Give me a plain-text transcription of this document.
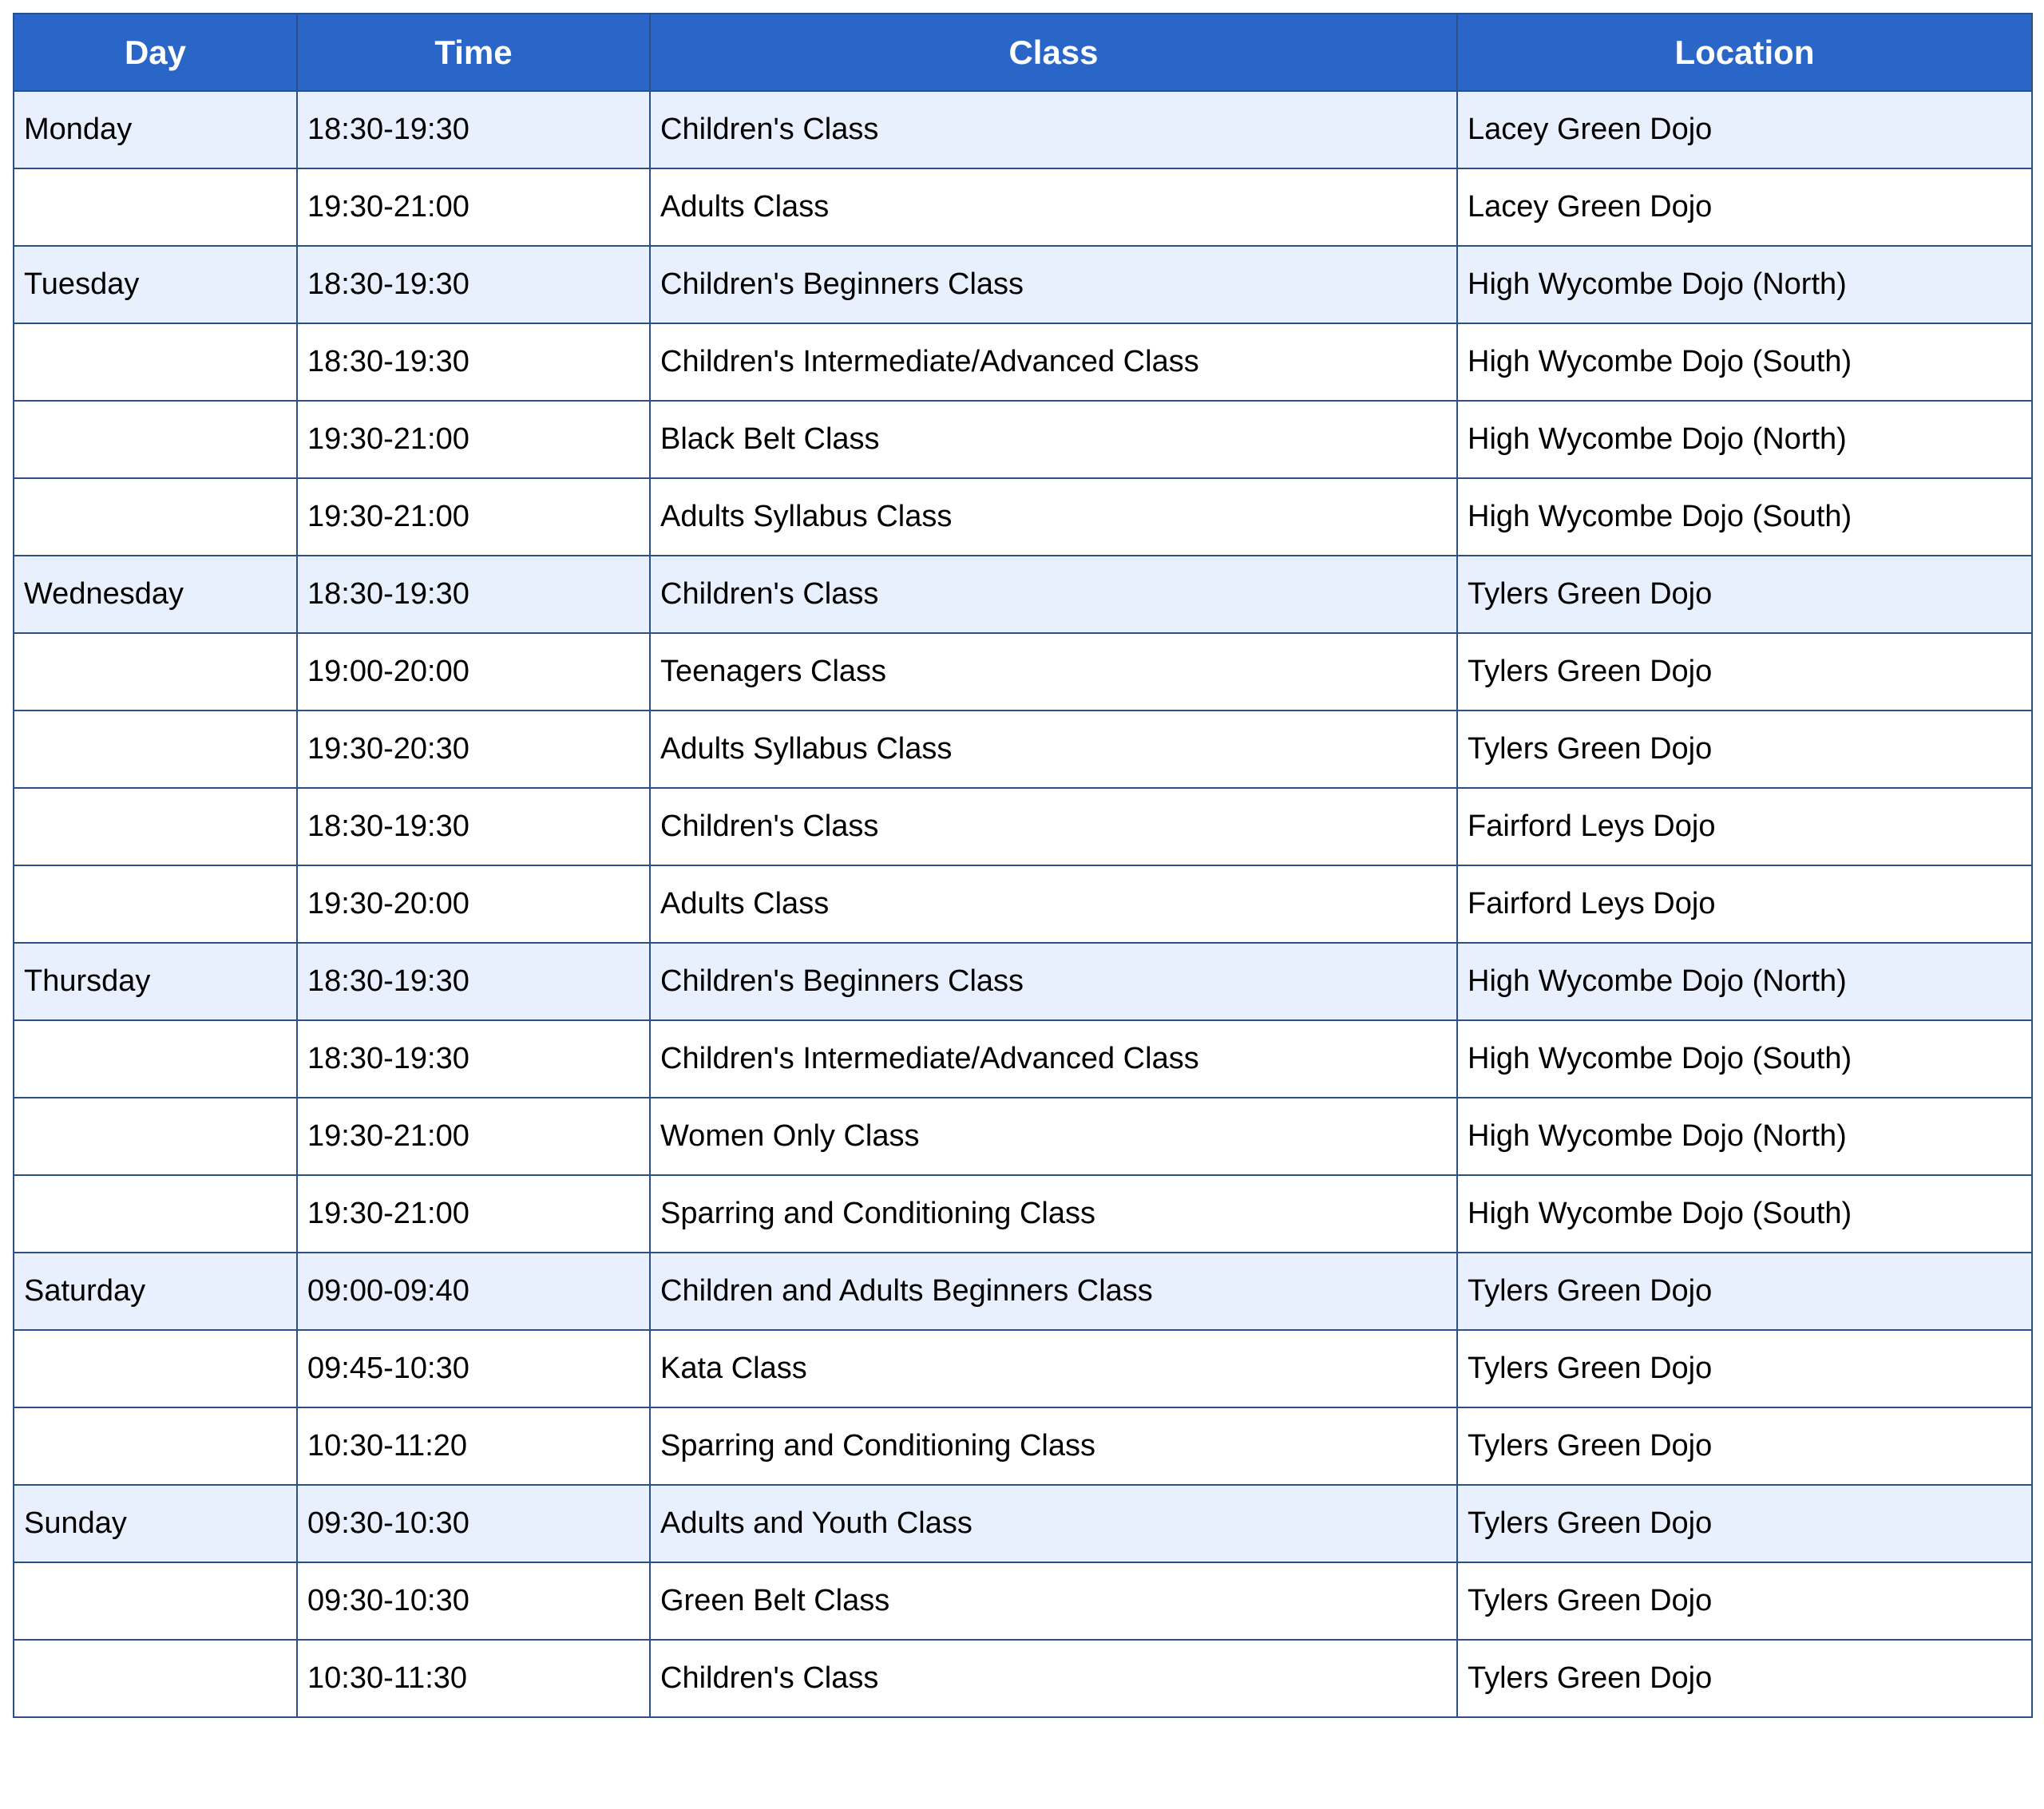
Day	Time	Class	Location
Monday	18:30-19:30	Children's Class	Lacey Green Dojo
	19:30-21:00	Adults Class	Lacey Green Dojo
Tuesday	18:30-19:30	Children's Beginners Class	High Wycombe Dojo (North)
	18:30-19:30	Children's Intermediate/Advanced Class	High Wycombe Dojo (South)
	19:30-21:00	Black Belt Class	High Wycombe Dojo (North)
	19:30-21:00	Adults Syllabus Class	High Wycombe Dojo (South)
Wednesday	18:30-19:30	Children's Class	Tylers Green Dojo
	19:00-20:00	Teenagers Class	Tylers Green Dojo
	19:30-20:30	Adults Syllabus Class	Tylers Green Dojo
	18:30-19:30	Children's Class	Fairford Leys Dojo
	19:30-20:00	Adults Class	Fairford Leys Dojo
Thursday	18:30-19:30	Children's Beginners Class	High Wycombe Dojo (North)
	18:30-19:30	Children's Intermediate/Advanced Class	High Wycombe Dojo (South)
	19:30-21:00	Women Only Class	High Wycombe Dojo (North)
	19:30-21:00	Sparring and Conditioning Class	High Wycombe Dojo (South)
Saturday	09:00-09:40	Children and Adults Beginners Class	Tylers Green Dojo
	09:45-10:30	Kata Class	Tylers Green Dojo
	10:30-11:20	Sparring and Conditioning Class	Tylers Green Dojo
Sunday	09:30-10:30	Adults and Youth Class	Tylers Green Dojo
	09:30-10:30	Green Belt Class	Tylers Green Dojo
	10:30-11:30	Children's Class	Tylers Green Dojo
